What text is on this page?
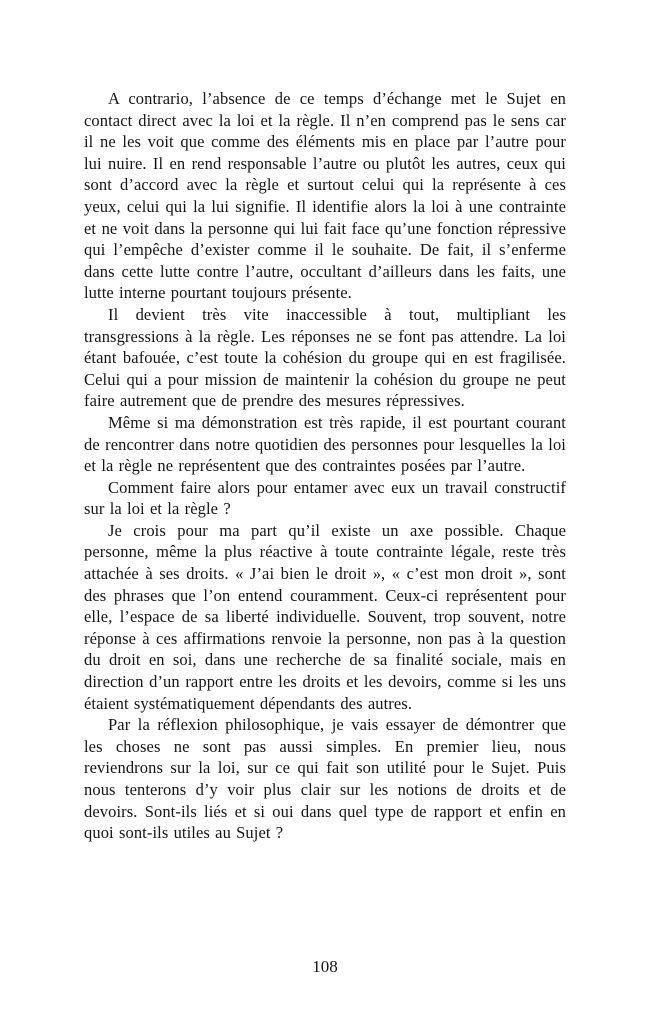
A contrario, l’absence de ce temps d’échange met le Sujet en contact direct avec la loi et la règle. Il n’en comprend pas le sens car il ne les voit que comme des éléments mis en place par l’autre pour lui nuire. Il en rend responsable l’autre ou plutôt les autres, ceux qui sont d’accord avec la règle et surtout celui qui la représente à ces yeux, celui qui la lui signifie. Il identifie alors la loi à une contrainte et ne voit dans la personne qui lui fait face qu’une fonction répressive qui l’empêche d’exister comme il le souhaite. De fait, il s’enferme dans cette lutte contre l’autre, occultant d’ailleurs dans les faits, une lutte interne pourtant toujours présente.

Il devient très vite inaccessible à tout, multipliant les transgressions à la règle. Les réponses ne se font pas attendre. La loi étant bafouée, c’est toute la cohésion du groupe qui en est fragilisée. Celui qui a pour mission de maintenir la cohésion du groupe ne peut faire autrement que de prendre des mesures répressives.

Même si ma démonstration est très rapide, il est pourtant courant de rencontrer dans notre quotidien des personnes pour lesquelles la loi et la règle ne représentent que des contraintes posées par l’autre.

Comment faire alors pour entamer avec eux un travail constructif sur la loi et la règle ?

Je crois pour ma part qu’il existe un axe possible. Chaque personne, même la plus réactive à toute contrainte légale, reste très attachée à ses droits. « J’ai bien le droit », « c’est mon droit », sont des phrases que l’on entend couramment. Ceux-ci représentent pour elle, l’espace de sa liberté individuelle. Souvent, trop souvent, notre réponse à ces affirmations renvoie la personne, non pas à la question du droit en soi, dans une recherche de sa finalité sociale, mais en direction d’un rapport entre les droits et les devoirs, comme si les uns étaient systématiquement dépendants des autres.

Par la réflexion philosophique, je vais essayer de démontrer que les choses ne sont pas aussi simples. En premier lieu, nous reviendrons sur la loi, sur ce qui fait son utilité pour le Sujet. Puis nous tenterons d’y voir plus clair sur les notions de droits et de devoirs. Sont-ils liés et si oui dans quel type de rapport et enfin en quoi sont-ils utiles au Sujet ?

108
